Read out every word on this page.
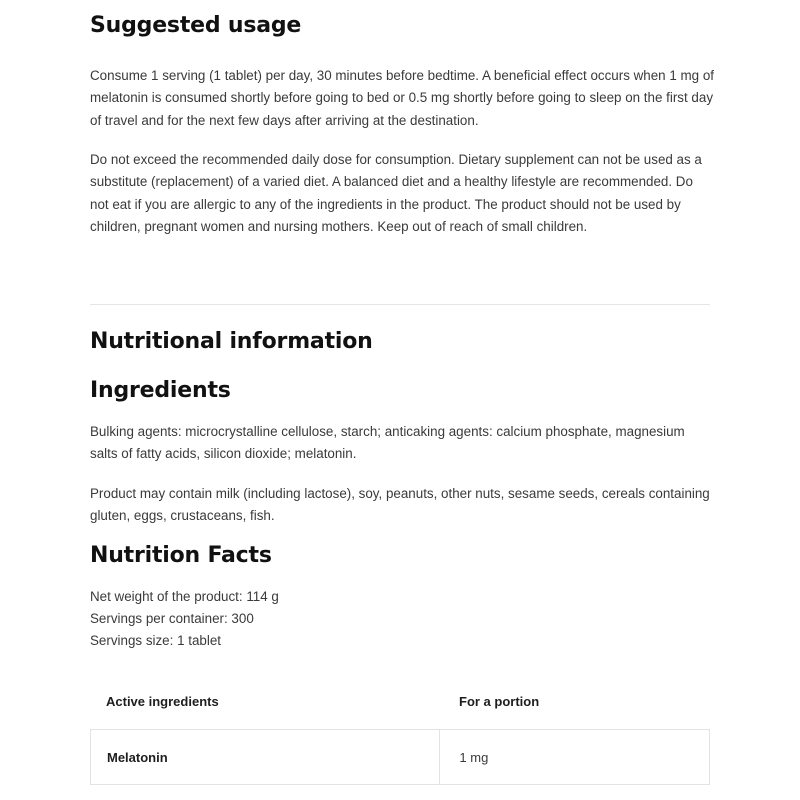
Suggested usage

Consume 1 serving (1 tablet) per day, 30 minutes before bedtime. A beneficial effect occurs when 1 mg of melatonin is consumed shortly before going to bed or 0.5 mg shortly before going to sleep on the first day of travel and for the next few days after arriving at the destination.

Do not exceed the recommended daily dose for consumption. Dietary supplement can not be used as a substitute (replacement) of a varied diet. A balanced diet and a healthy lifestyle are recommended. Do not eat if you are allergic to any of the ingredients in the product. The product should not be used by children, pregnant women and nursing mothers. Keep out of reach of small children.

Nutritional information
Ingredients

Bulking agents: microcrystalline cellulose, starch; anticaking agents: calcium phosphate, magnesium salts of fatty acids, silicon dioxide; melatonin.

Product may contain milk (including lactose), soy, peanuts, other nuts, sesame seeds, cereals containing gluten, eggs, crustaceans, fish.

Nutrition Facts
Net weight of the product: 114 g
Servings per container: 300
Servings size: 1 tablet
Active ingredients	For a portion
Melatonin	1 mg
